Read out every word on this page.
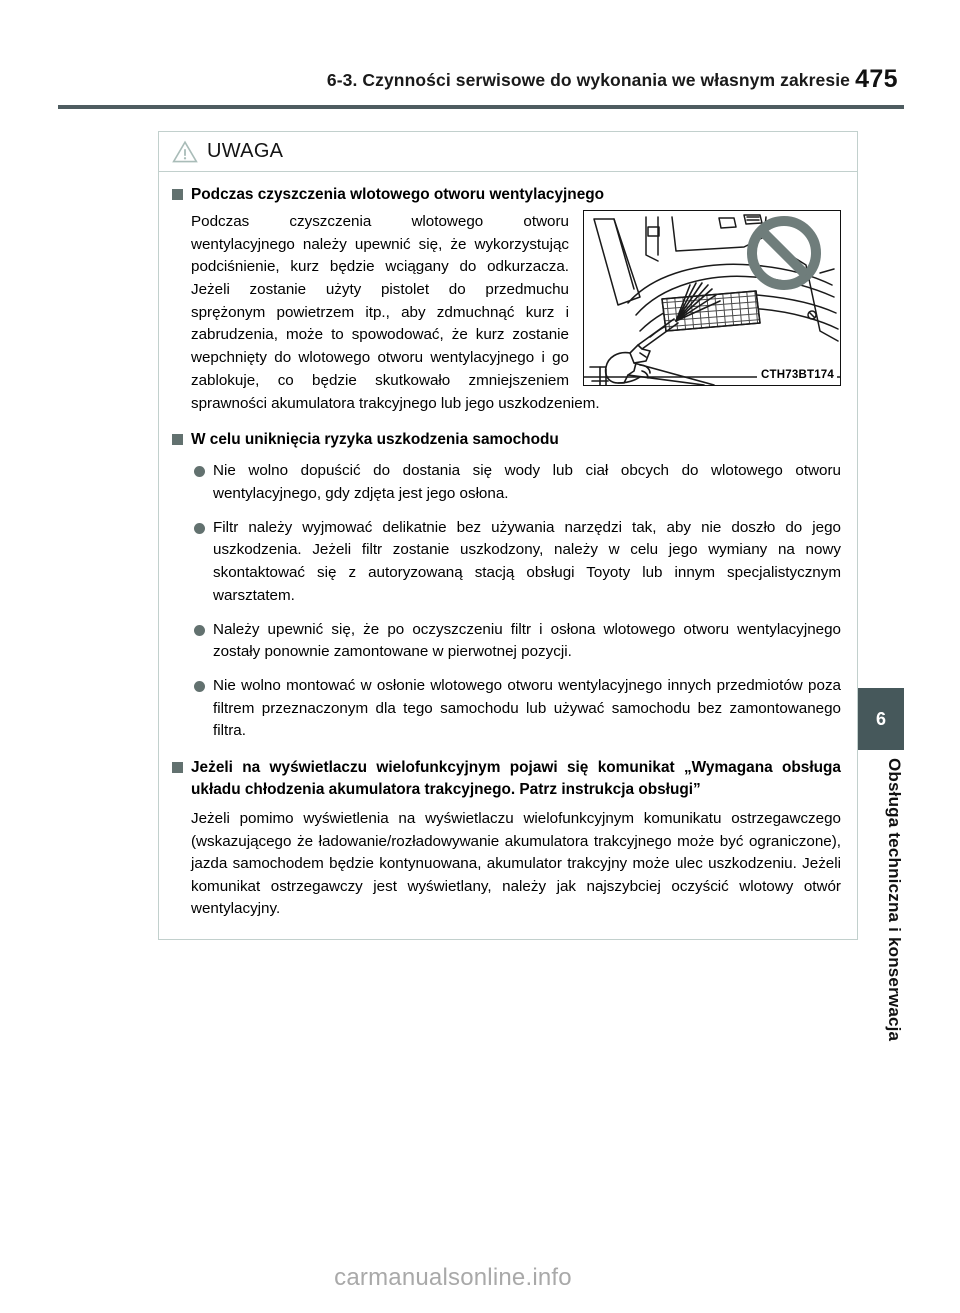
6-3. Czynności serwisowe do wykonania we własnym zakresie 475
UWAGA
Podczas czyszczenia wlotowego otworu wentylacyjnego
CTH73BT174
Podczas czyszczenia wlotowego otworu wentylacyjnego należy upewnić się, że wykorzystując podciśnienie, kurz będzie wciągany do odkurzacza. Jeżeli zostanie użyty pistolet do przedmuchu sprężonym powietrzem itp., aby zdmuchnąć kurz i zabrudzenia, może to spowodować, że kurz zostanie wepchnięty do wlotowego otworu wentylacyjnego i go zablokuje, co będzie skutkowało zmniejszeniem sprawności akumulatora trakcyjnego lub jego uszkodzeniem.
W celu uniknięcia ryzyka uszkodzenia samochodu
Nie wolno dopuścić do dostania się wody lub ciał obcych do wlotowego otworu wentylacyjnego, gdy zdjęta jest jego osłona.
Filtr należy wyjmować delikatnie bez używania narzędzi tak, aby nie doszło do jego uszkodzenia. Jeżeli filtr zostanie uszkodzony, należy w celu jego wymiany na nowy skontaktować się z autoryzowaną stacją obsługi Toyoty lub innym specjalistycznym warsztatem.
Należy upewnić się, że po oczyszczeniu filtr i osłona wlotowego otworu wentylacyjnego zostały ponownie zamontowane w pierwotnej pozycji.
Nie wolno montować w osłonie wlotowego otworu wentylacyjnego innych przedmiotów poza filtrem przeznaczonym dla tego samochodu lub używać samochodu bez zamontowanego filtra.
Jeżeli na wyświetlaczu wielofunkcyjnym pojawi się komunikat „Wymagana obsługa układu chłodzenia akumulatora trakcyjnego. Patrz instrukcja obsługi”
Jeżeli pomimo wyświetlenia na wyświetlaczu wielofunkcyjnym komunikatu ostrzegawczego (wskazującego że ładowanie/rozładowywanie akumulatora trakcyjnego może być ograniczone), jazda samochodem będzie kontynuowana, akumulator trakcyjny może ulec uszkodzeniu. Jeżeli komunikat ostrzegawczy jest wyświetlany, należy jak najszybciej oczyścić wlotowy otwór wentylacyjny.
6
Obsługa techniczna i konserwacja
carmanualsonline.info
